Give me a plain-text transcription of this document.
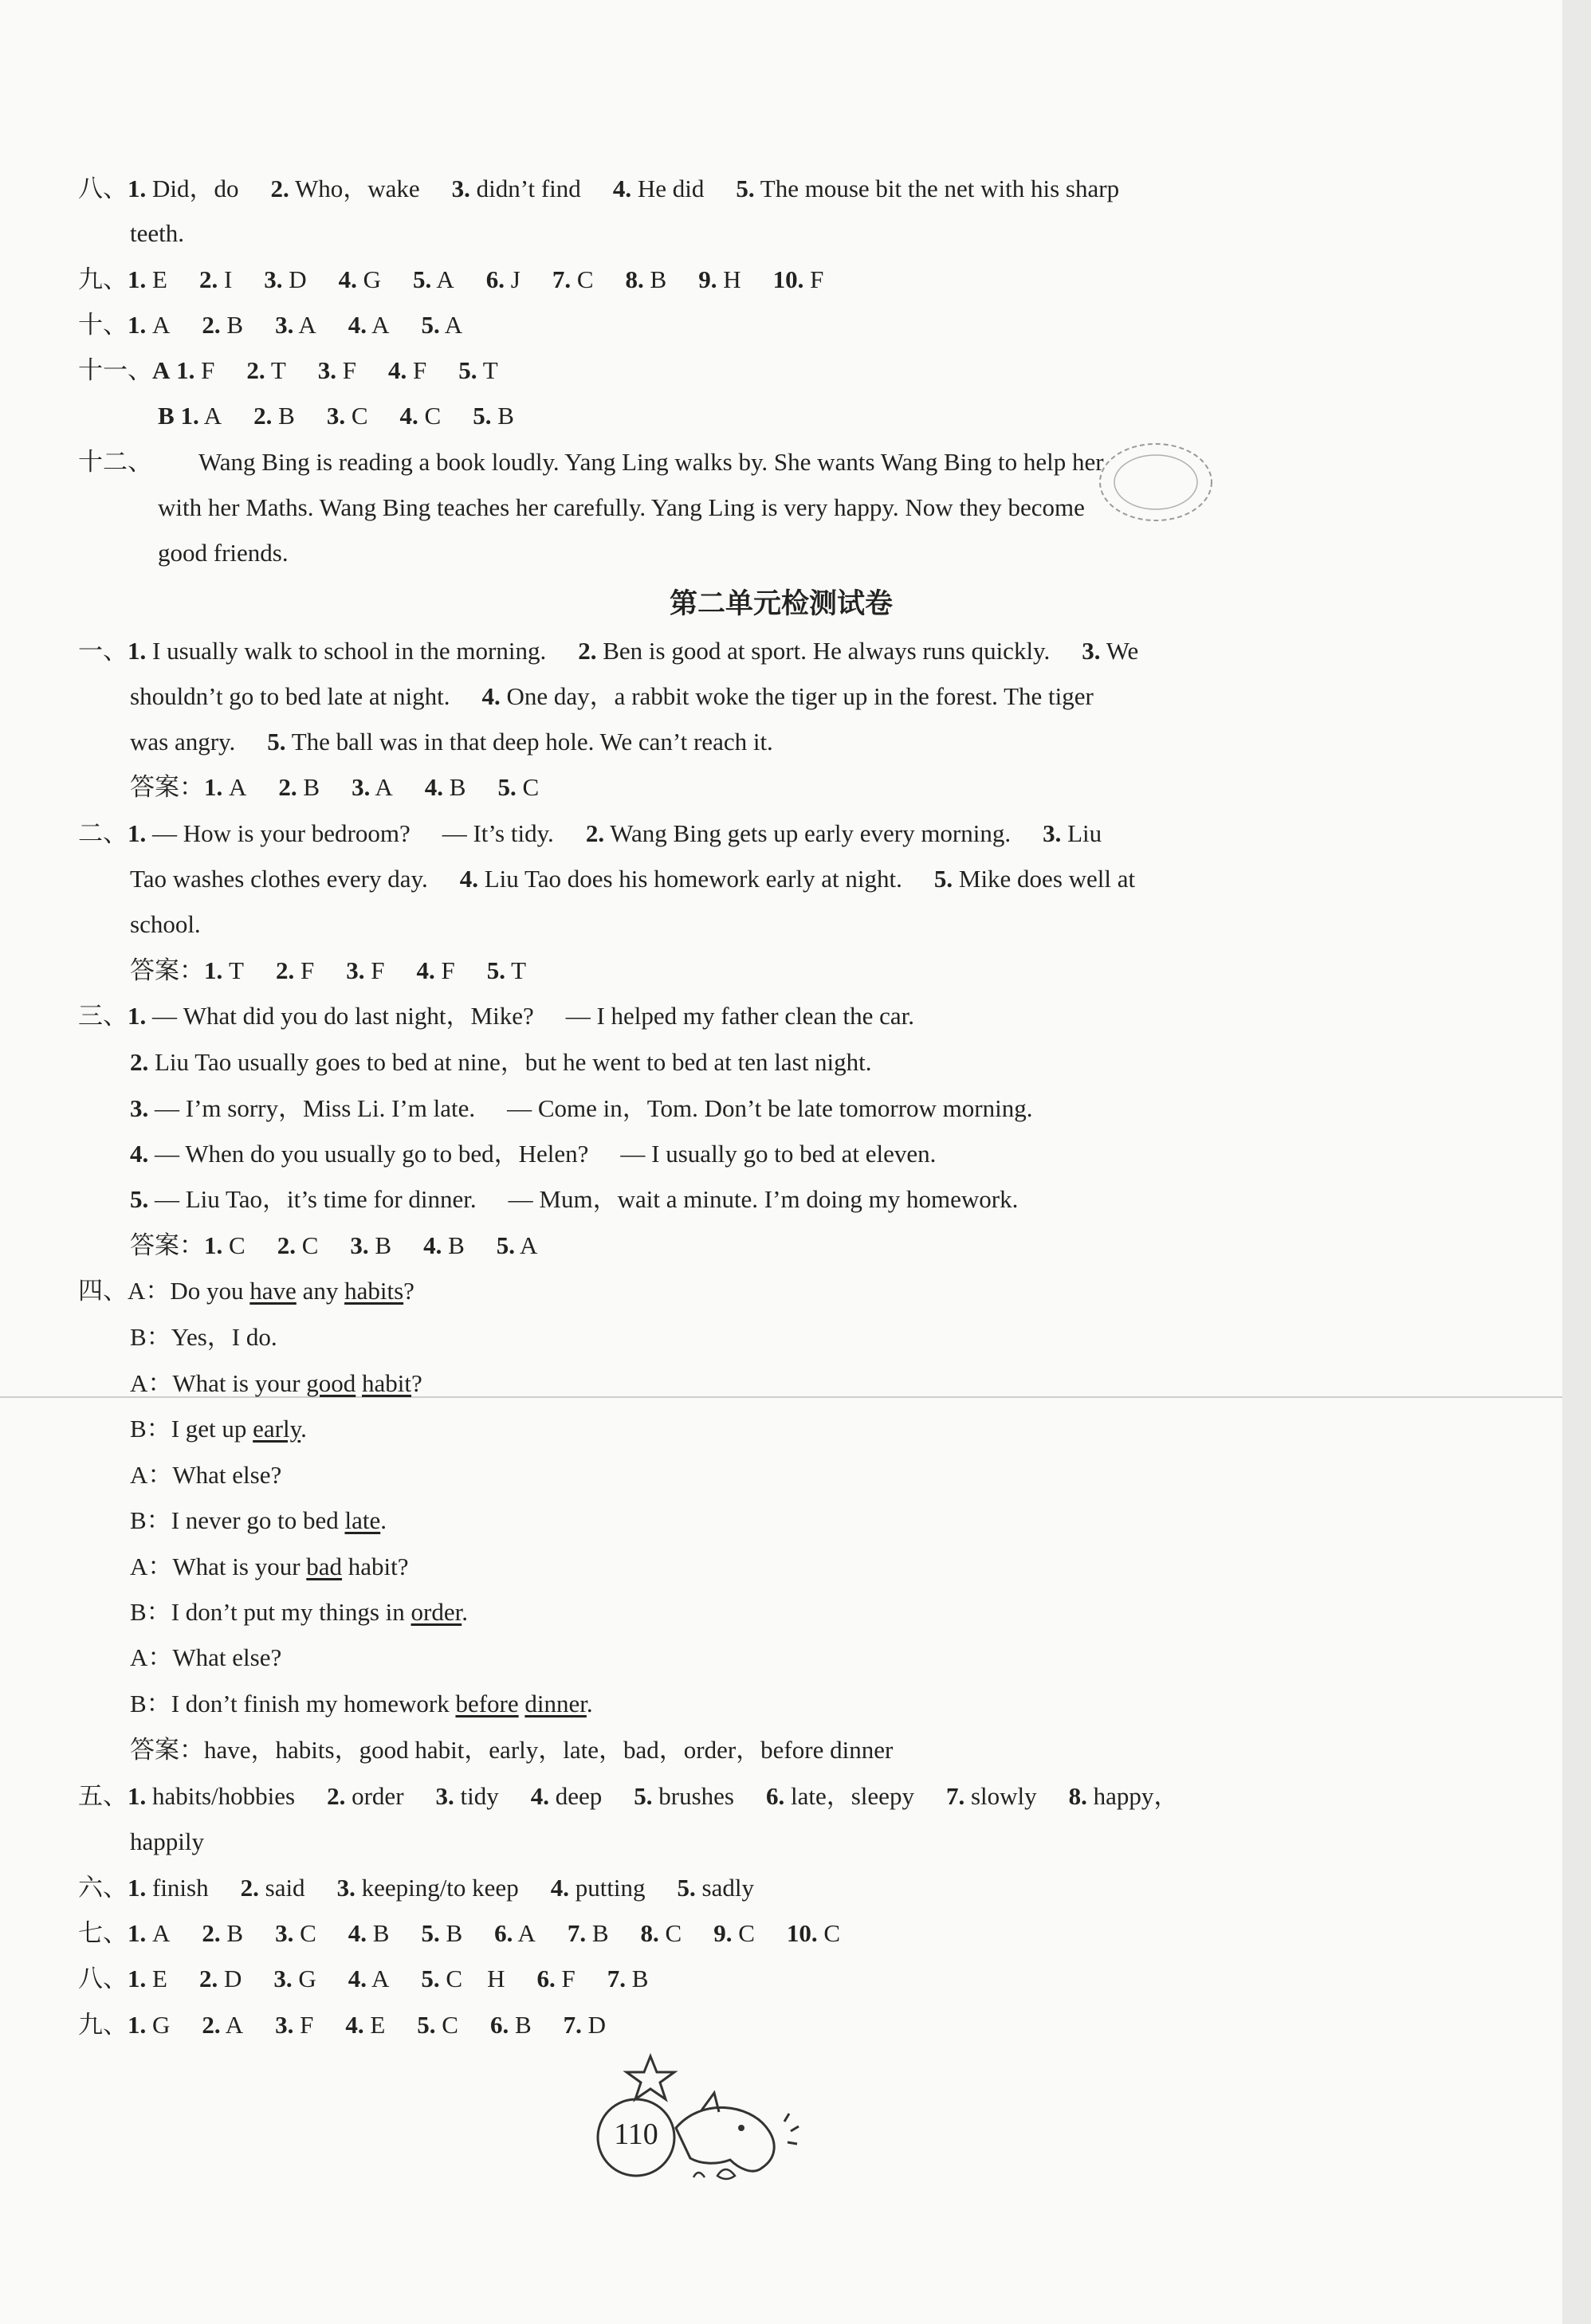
八、1. Did，do 2. Who，wake 3. didn’t find 4. He did 5. The mouse bit the net with his sharp
teeth.
九、1. E 2. I 3. D 4. G 5. A 6. J 7. C 8. B 9. H 10. F
十、1. A 2. B 3. A 4. A 5. A
十一、A 1. F 2. T 3. F 4. F 5. T
B 1. A 2. B 3. C 4. C 5. B
十二、 Wang Bing is reading a book loudly. Yang Ling walks by. She wants Wang Bing to help her
with her Maths. Wang Bing teaches her carefully. Yang Ling is very happy. Now they become
good friends.
第二单元检测试卷
一、1. I usually walk to school in the morning. 2. Ben is good at sport. He always runs quickly. 3. We
shouldn’t go to bed late at night. 4. One day，a rabbit woke the tiger up in the forest. The tiger
was angry. 5. The ball was in that deep hole. We can’t reach it.
答案：1. A 2. B 3. A 4. B 5. C
二、1. — How is your bedroom? — It’s tidy. 2. Wang Bing gets up early every morning. 3. Liu
Tao washes clothes every day. 4. Liu Tao does his homework early at night. 5. Mike does well at
school.
答案：1. T 2. F 3. F 4. F 5. T
三、1. — What did you do last night，Mike? — I helped my father clean the car.
2. Liu Tao usually goes to bed at nine，but he went to bed at ten last night.
3. — I’m sorry，Miss Li. I’m late. — Come in，Tom. Don’t be late tomorrow morning.
4. — When do you usually go to bed，Helen? — I usually go to bed at eleven.
5. — Liu Tao，it’s time for dinner. — Mum，wait a minute. I’m doing my homework.
答案：1. C 2. C 3. B 4. B 5. A
四、A：Do you have any habits?
B：Yes，I do.
A：What is your good habit?
B：I get up early.
A：What else?
B：I never go to bed late.
A：What is your bad habit?
B：I don’t put my things in order.
A：What else?
B：I don’t finish my homework before dinner.
答案：have，habits，good habit，early，late，bad，order，before dinner
五、1. habits/hobbies 2. order 3. tidy 4. deep 5. brushes 6. late，sleepy 7. slowly 8. happy，
happily
六、1. finish 2. said 3. keeping/to keep 4. putting 5. sadly
七、1. A 2. B 3. C 4. B 5. B 6. A 7. B 8. C 9. C 10. C
八、1. E 2. D 3. G 4. A 5. C　H 6. F 7. B
九、1. G 2. A 3. F 4. E 5. C 6. B 7. D
110
